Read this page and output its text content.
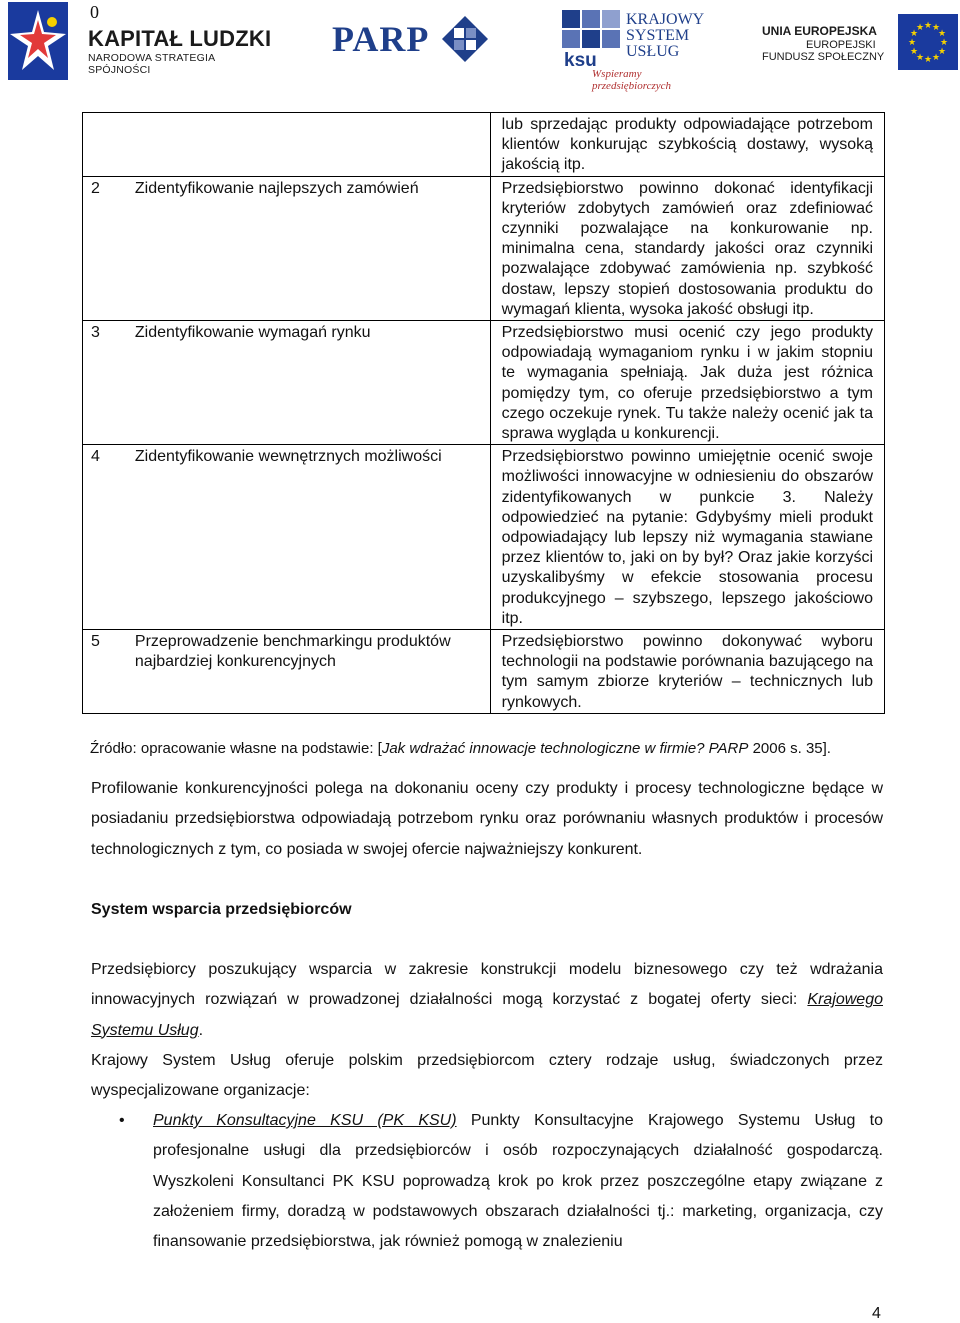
0
KAPITAŁ LUDZKI
NARODOWA STRATEGIA SPÓJNOŚCI
PARP
ksu
KRAJOWY
SYSTEM
USŁUG
Wspieramy przedsiębiorczych
UNIA EUROPEJSKA
EUROPEJSKI
FUNDUSZ SPOŁECZNY
★ ★
★
★
★
★
★
★
★
★
★
★
		lub sprzedając produkty odpowiadające potrzebom klientów konkurując szybkością dostawy, wysoką jakością itp.

2	Zidentyfikowanie najlepszych zamówień	Przedsiębiorstwo powinno dokonać identyfikacji kryteriów zdobytych zamówień oraz zdefiniować czynniki pozwalające na konkurowanie np. minimalna cena, standardy jakości oraz czynniki pozwalające zdobywać zamówienia np. szybkość dostaw, lepszy stopień dostosowania produktu do wymagań klienta, wysoka jakość obsługi itp.

3	Zidentyfikowanie wymagań rynku	Przedsiębiorstwo musi ocenić czy jego produkty odpowiadają wymaganiom rynku i w jakim stopniu te wymagania spełniają. Jak duża jest różnica pomiędzy tym, co oferuje przedsiębiorstwo a tym czego oczekuje rynek. Tu także należy ocenić jak ta sprawa wygląda u konkurencji.

4	Zidentyfikowanie wewnętrznych możliwości	Przedsiębiorstwo powinno umiejętnie ocenić swoje możliwości innowacyjne w odniesieniu do obszarów zidentyfikowanych w punkcie 3. Należy odpowiedzieć na pytanie: Gdybyśmy mieli produkt odpowiadający lub lepszy niż wymagania stawiane przez klientów to, jaki on by był? Oraz jakie korzyści uzyskalibyśmy w efekcie stosowania procesu produkcyjnego – szybszego, lepszego jakościowo itp.

5	Przeprowadzenie benchmarkingu produktów najbardziej konkurencyjnych	Przedsiębiorstwo powinno dokonywać wyboru technologii na podstawie porównania bazującego na tym samym zbiorze kryteriów – technicznych lub rynkowych.
Źródło: opracowanie własne na podstawie: [Jak wdrażać innowacje technologiczne w firmie? PARP 2006 s. 35].

Profilowanie konkurencyjności polega na dokonaniu oceny czy produkty i procesy technologiczne będące w posiadaniu przedsiębiorstwa odpowiadają potrzebom rynku oraz porównaniu własnych produktów i procesów technologicznych z tym, co posiada w swojej ofercie najważniejszy konkurent.

System wsparcia przedsiębiorców

Przedsiębiorcy poszukujący wsparcia w zakresie konstrukcji modelu biznesowego czy też wdrażania innowacyjnych rozwiązań w prowadzonej działalności mogą korzystać z bogatej oferty sieci: Krajowego Systemu Usług.

Krajowy System Usług oferuje polskim przedsiębiorcom cztery rodzaje usług, świadczonych przez wyspecjalizowane organizacje:

• Punkty Konsultacyjne KSU (PK KSU) Punkty Konsultacyjne Krajowego Systemu Usług to profesjonalne usługi dla przedsiębiorców i osób rozpoczynających działalność gospodarczą. Wyszkoleni Konsultanci PK KSU poprowadzą krok po krok przez poszczególne etapy związane z założeniem firmy, doradzą w podstawowych obszarach działalności tj.: marketing, organizacja, czy finansowanie przedsiębiorstwa, jak również pomogą w znalezieniu

4
